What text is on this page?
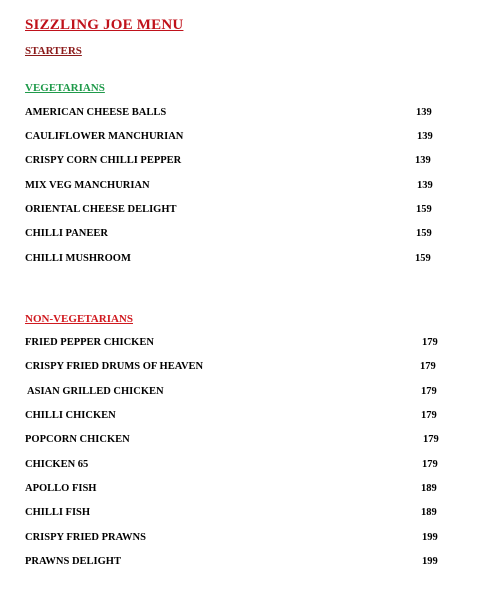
SIZZLING JOE MENU
STARTERS
VEGETARIANS
AMERICAN CHEESE BALLS	139
CAULIFLOWER MANCHURIAN	139
CRISPY CORN CHILLI PEPPER	139
MIX VEG MANCHURIAN	139
ORIENTAL CHEESE DELIGHT	159
CHILLI PANEER	159
CHILLI MUSHROOM	159
NON-VEGETARIANS
FRIED PEPPER CHICKEN	179
CRISPY FRIED DRUMS OF HEAVEN	179
ASIAN GRILLED CHICKEN	179
CHILLI CHICKEN	179
POPCORN CHICKEN	179
CHICKEN 65	179
APOLLO FISH	189
CHILLI FISH	189
CRISPY FRIED PRAWNS	199
PRAWNS DELIGHT	199
